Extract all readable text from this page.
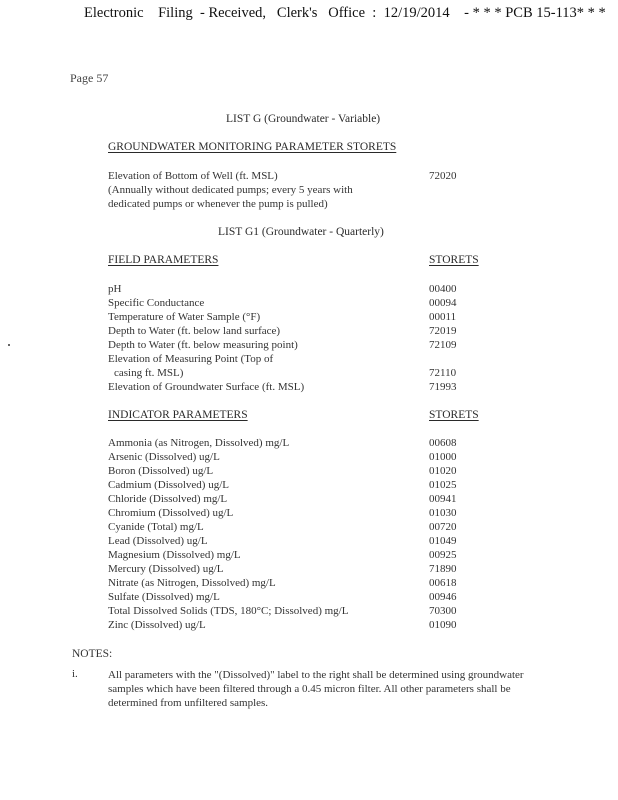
Electronic Filing - Received, Clerk's Office : 12/19/2014 - * * * PCB 15-113* * *
Page 57
LIST G (Groundwater - Variable)
GROUNDWATER MONITORING PARAMETER STORETS
Elevation of Bottom of Well (ft. MSL)	72020
(Annually without dedicated pumps; every 5 years with
dedicated pumps or whenever the pump is pulled)
LIST G1 (Groundwater - Quarterly)
FIELD PARAMETERS	STORETS
pH	00400
Specific Conductance	00094
Temperature of Water Sample (°F)	00011
Depth to Water (ft. below land surface)	72019
Depth to Water (ft. below measuring point)	72109
Elevation of Measuring Point (Top of
casing ft. MSL)	72110
Elevation of Groundwater Surface (ft. MSL)	71993
INDICATOR PARAMETERS	STORETS
Ammonia (as Nitrogen, Dissolved) mg/L	00608
Arsenic (Dissolved) ug/L	01000
Boron (Dissolved) ug/L	01020
Cadmium (Dissolved) ug/L	01025
Chloride (Dissolved) mg/L	00941
Chromium (Dissolved) ug/L	01030
Cyanide (Total) mg/L	00720
Lead (Dissolved) ug/L	01049
Magnesium (Dissolved) mg/L	00925
Mercury (Dissolved) ug/L	71890
Nitrate (as Nitrogen, Dissolved) mg/L	00618
Sulfate (Dissolved) mg/L	00946
Total Dissolved Solids (TDS, 180°C; Dissolved) mg/L	70300
Zinc (Dissolved) ug/L	01090
NOTES:
i.	All parameters with the "(Dissolved)" label to the right shall be determined using groundwater samples which have been filtered through a 0.45 micron filter. All other parameters shall be determined from unfiltered samples.
